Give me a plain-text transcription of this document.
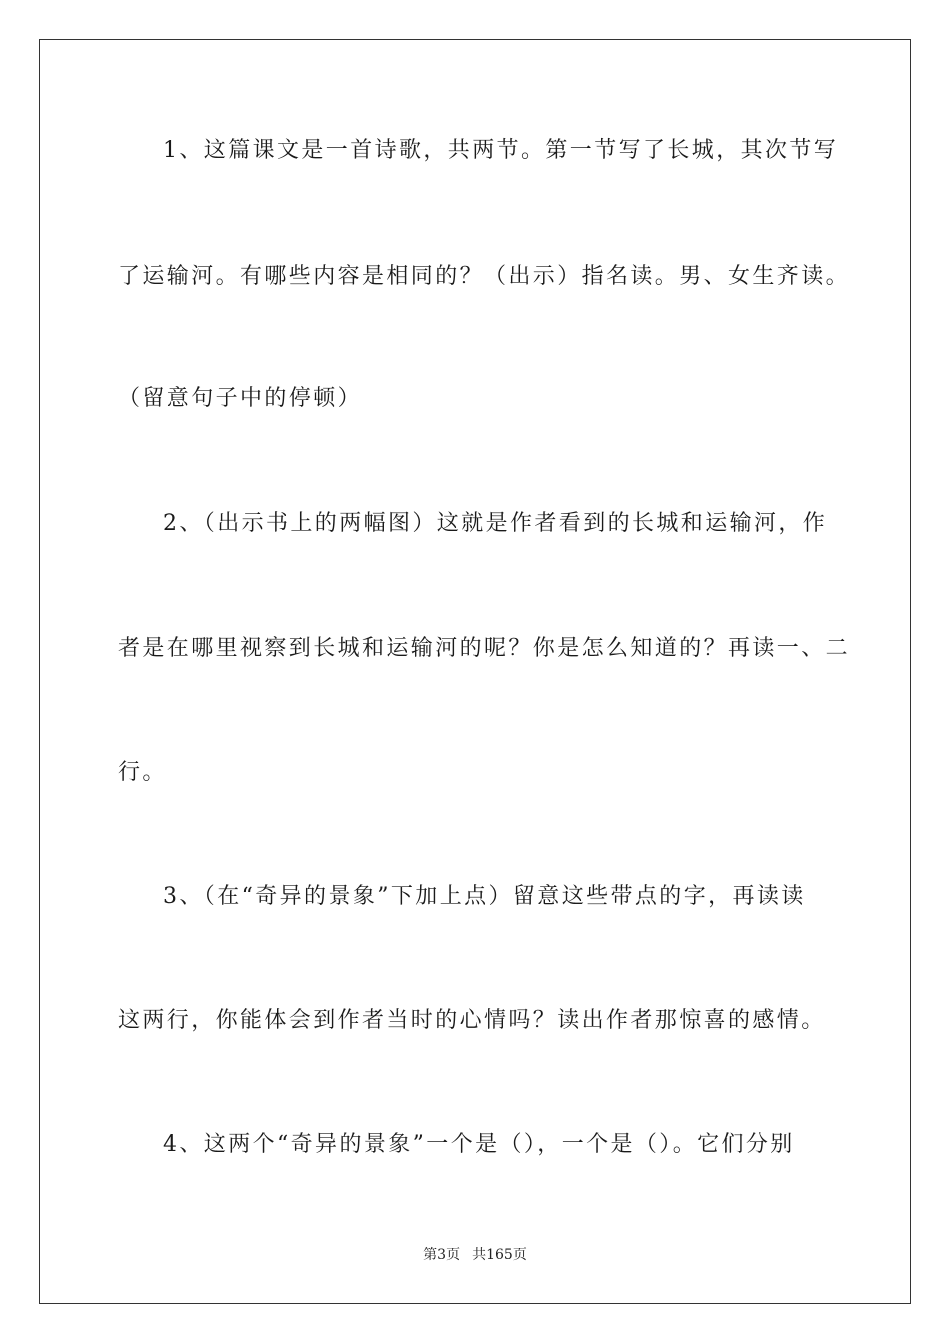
1、这篇课文是一首诗歌，共两节。第一节写了长城，其次节写
了运输河。有哪些内容是相同的？（出示）指名读。男、女生齐读。
（留意句子中的停顿）
2、（出示书上的两幅图）这就是作者看到的长城和运输河，作
者是在哪里视察到长城和运输河的呢？你是怎么知道的？再读一、二
行。
3、（在“奇异的景象”下加上点）留意这些带点的字，再读读
这两行，你能体会到作者当时的心情吗？读出作者那惊喜的感情。
4、这两个“奇异的景象”一个是（），一个是（）。它们分别
第3页 共165页
